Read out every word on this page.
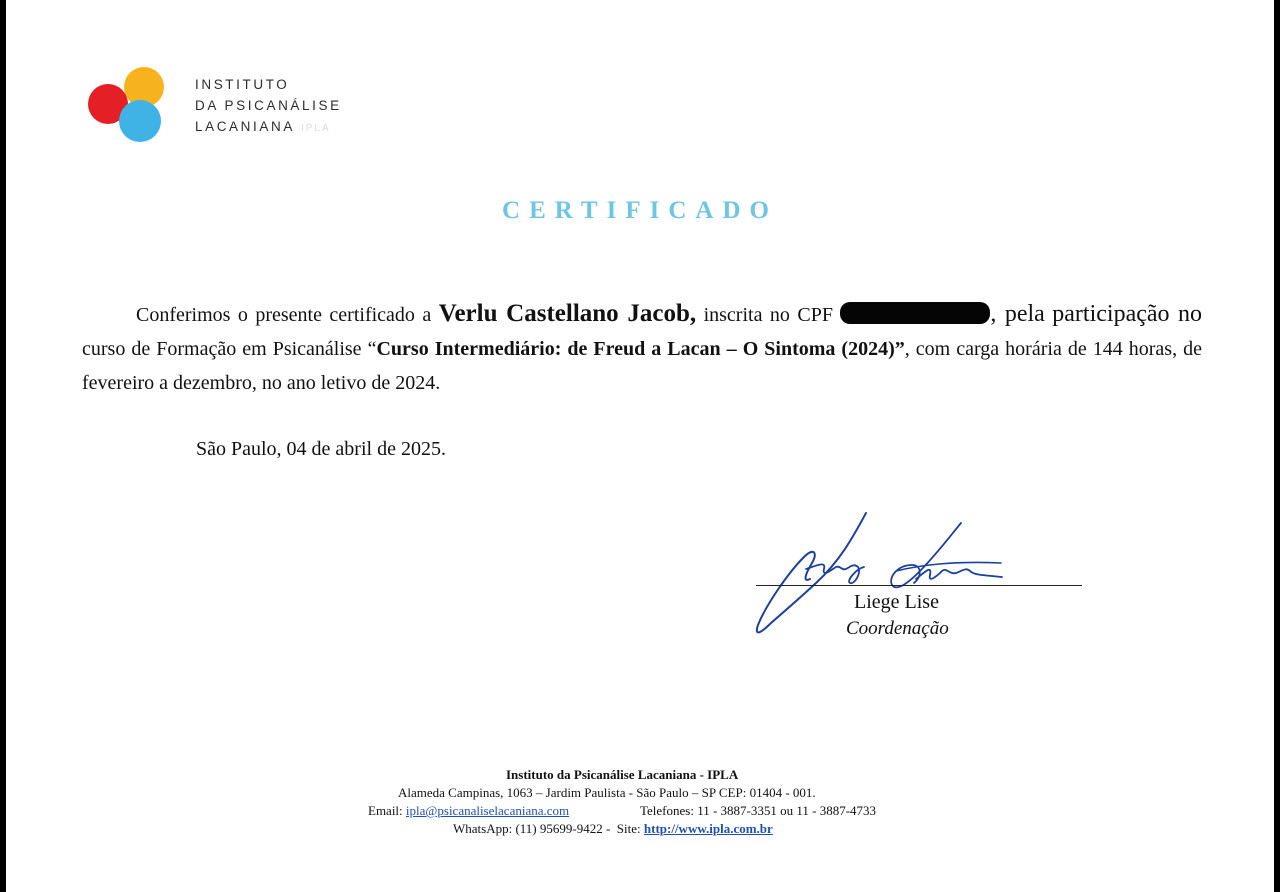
INSTITUTO
DA PSICANÁLISE
LACANIANA IPLA
CERTIFICADO
Conferimos o presente certificado a Verlu Castellano Jacob, inscrita no CPF	, pela participação no curso de Formação em Psicanálise “Curso Intermediário: de Freud a Lacan – O Sintoma (2024)”, com carga horária de 144 horas, de fevereiro a dezembro, no ano letivo de 2024.
São Paulo, 04 de abril de 2025.
Liege Lise
Coordenação
Instituto da Psicanálise Lacaniana - IPLA
Alameda Campinas, 1063 – Jardim Paulista - São Paulo – SP CEP: 01404 - 001.
Email: ipla@psicanaliselacaniana.com	Telefones: 11 - 3887-3351 ou 11 - 3887-4733
WhatsApp: (11) 95699-9422 -  Site: http://www.ipla.com.br
